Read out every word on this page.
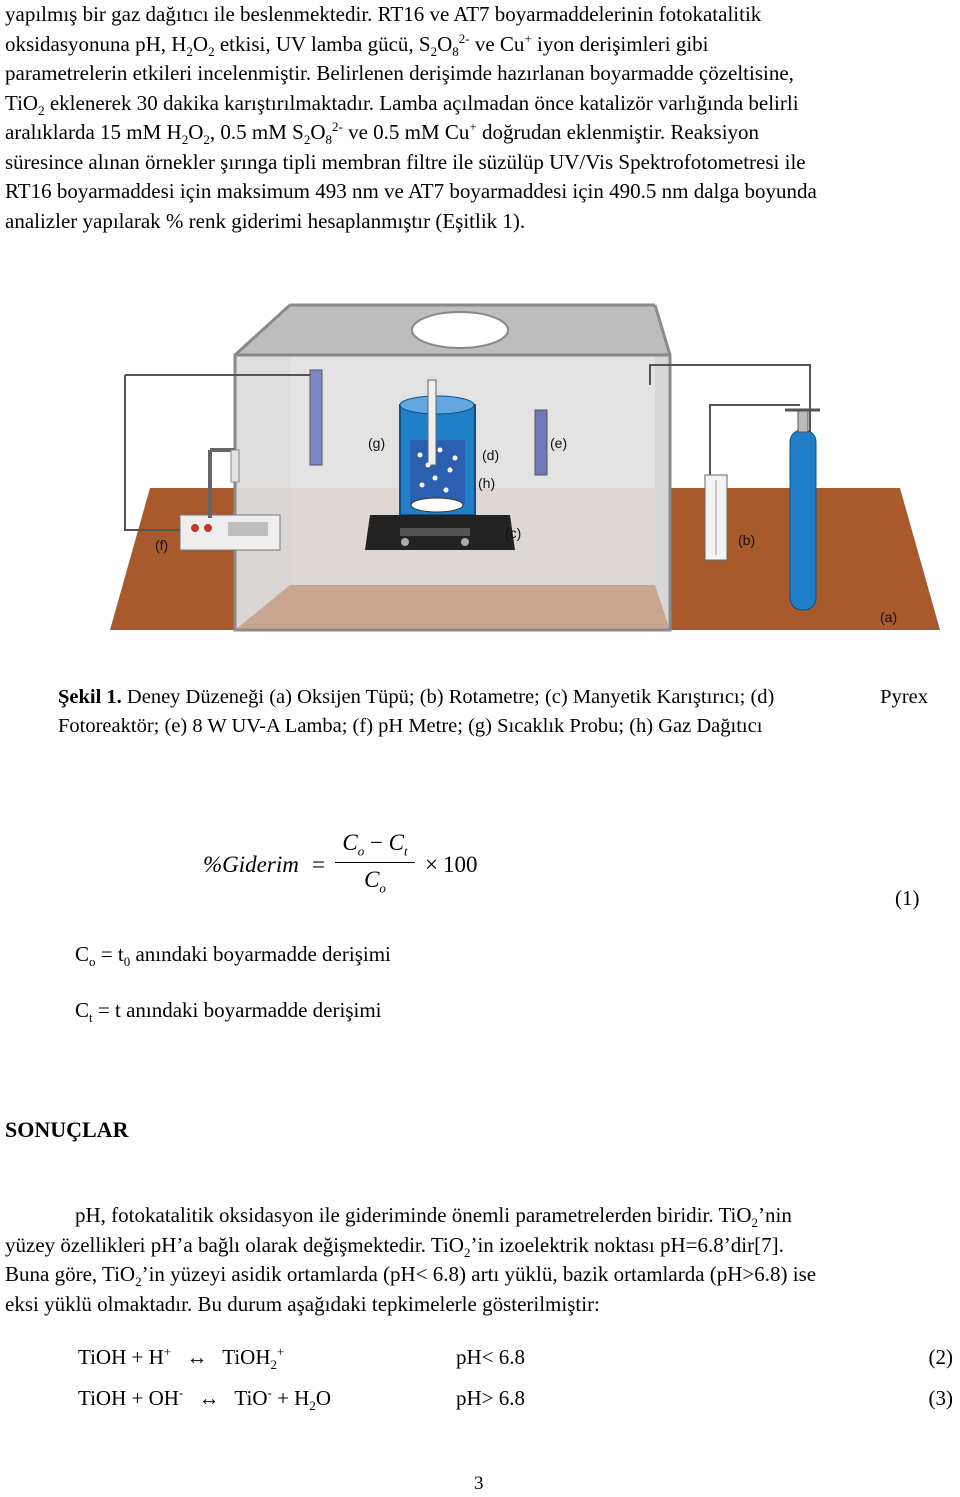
yapılmış bir gaz dağıtıcı ile beslenmektedir. RT16 ve AT7 boyarmaddelerinin fotokatalitik
oksidasyonuna pH, $H_2O_2$ etkisi, UV lamba gücü, $S_2O_8^{2-}$ ve Cu+ iyon derişimleri gibi
parametrelerin etkileri incelenmiştir. Belirlenen derişimde hazırlanan boyarmadde çözeltisine,
TiO$_2$ eklenerek 30 dakika karıştırılmaktadır. Lamba açılmadan önce katalizör varlığında belirli
aralıklarda 15 mM $H_2O_2$, 0.5 mM $S_2O_8^{2-}$ ve 0.5 mM Cu+ doğrudan eklenmiştir. Reaksiyon
süresince alınan örnekler şırınga tipli membran filtre ile süzülüp UV/Vis Spektrofotometresi ile
RT16 boyarmaddesi için maksimum 493 nm ve AT7 boyarmaddesi için 490.5 nm dalga boyunda
analizler yapılarak % renk giderimi hesaplanmıştır (Eşitlik 1).
(a)
(b)
(c)
(d)
(e)
(f)
(g)
(h)
Şekil 1. Deney Düzeneği (a) Oksijen Tüpü; (b) Rotametre; (c) Manyetik Karıştırıcı; (d)	Pyrex
Fotoreaktör; (e) 8 W UV-A Lamba; (f) pH Metre; (g) Sıcaklık Probu; (h) Gaz Dağıtıcı
%Giderim =
$C_o - C_t$
$C_o$
× 100
(1)
$C_o = t_0$ anındaki boyarmadde derişimi
$C_t = t$ anındaki boyarmadde derişimi
SONUÇLAR
pH, fotokatalitik oksidasyon ile gideriminde önemli parametrelerden biridir. TiO$_2$’nin
yüzey özellikleri pH’a bağlı olarak değişmektedir. TiO$_2$’in izoelektrik noktası pH=6.8’dir[7].
Buna göre, TiO$_2$’in yüzeyi asidik ortamlarda (pH< 6.8) artı yüklü, bazik ortamlarda (pH>6.8) ise
eksi yüklü olmaktadır. Bu durum aşağıdaki tepkimelerle gösterilmiştir:
TiOH + H+ ↔ TiOH$_2$+	pH< 6.8	(2)
TiOH + OH- ↔ $TiO^- + H_2O$	pH> 6.8	(3)
3
